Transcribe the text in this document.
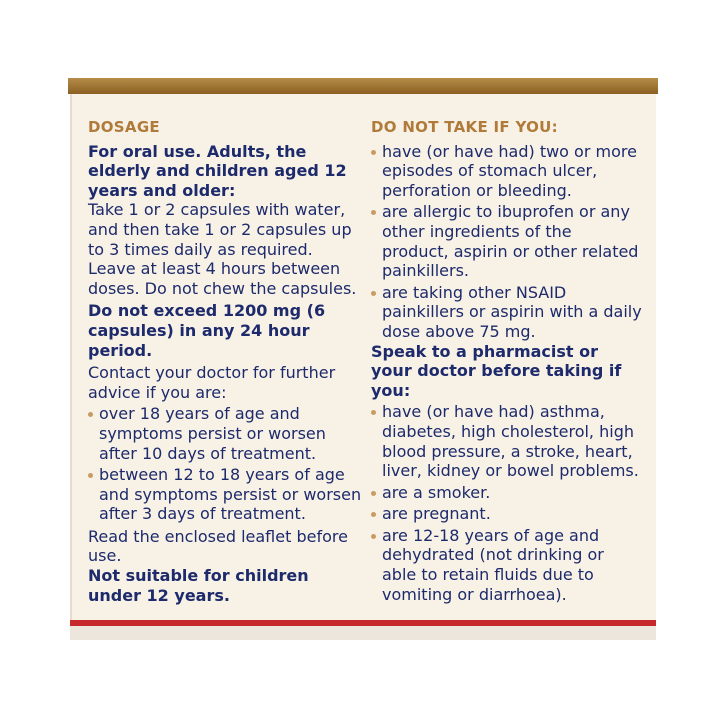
DOSAGE

For oral use. Adults, the elderly and children aged 12 years and older:

Take 1 or 2 capsules with water, and then take 1 or 2 capsules up to 3 times daily as required.

Leave at least 4 hours between doses. Do not chew the capsules.

Do not exceed 1200 mg (6 capsules) in any 24 hour period.

Contact your doctor for further advice if you are:

over 18 years of age and symptoms persist or worsen after 10 days of treatment.
between 12 to 18 years of age and symptoms persist or worsen after 3 days of treatment.

Read the enclosed leaflet before use.

Not suitable for children under 12 years.

DO NOT TAKE IF YOU:
have (or have had) two or more episodes of stomach ulcer, perforation or bleeding.
are allergic to ibuprofen or any other ingredients of the product, aspirin or other related painkillers.
are taking other NSAID painkillers or aspirin with a daily dose above 75 mg.

Speak to a pharmacist or your doctor before taking if you:

have (or have had) asthma, diabetes, high cholesterol, high blood pressure, a stroke, heart, liver, kidney or bowel problems.
are a smoker.
are pregnant.
are 12-18 years of age and dehydrated (not drinking or able to retain fluids due to vomiting or diarrhoea).
